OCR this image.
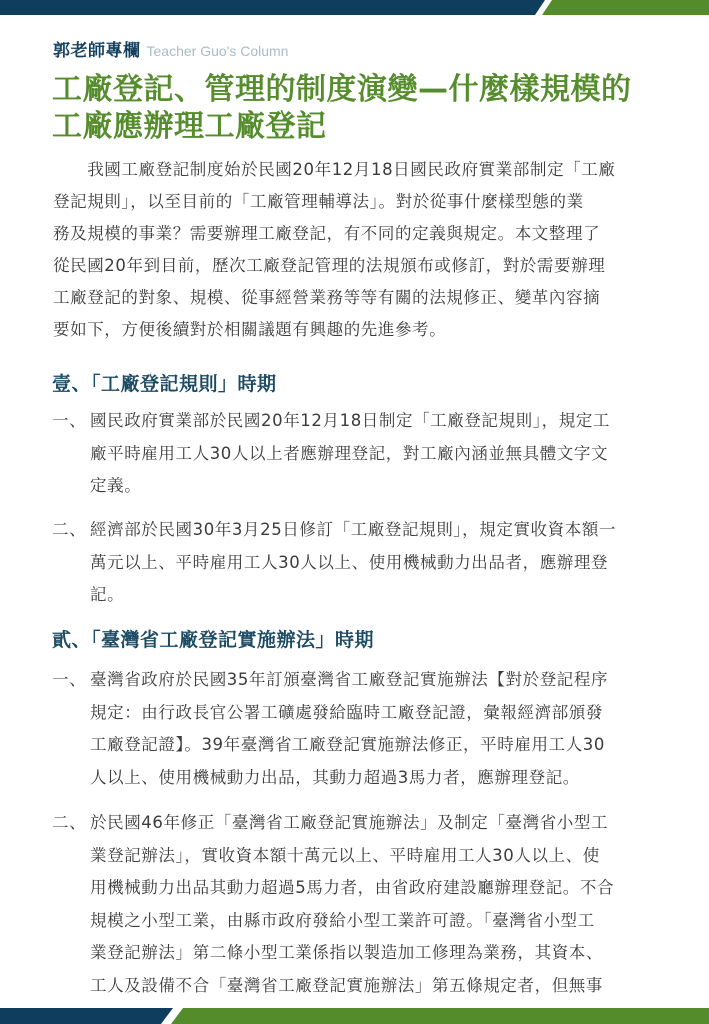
郭老師專欄 Teacher Guo's Column
工廠登記、管理的制度演變—什麼樣規模的
工廠應辦理工廠登記
　　我國工廠登記制度始於民國20年12月18日國民政府實業部制定「工廠
登記規則」，以至目前的「工廠管理輔導法」。對於從事什麼樣型態的業
務及規模的事業？需要辦理工廠登記，有不同的定義與規定。本文整理了
從民國20年到目前，歷次工廠登記管理的法規頒布或修訂，對於需要辦理
工廠登記的對象、規模、從事經營業務等等有關的法規修正、變革內容摘
要如下，方便後續對於相關議題有興趣的先進參考。
壹、「工廠登記規則」時期
一、 國民政府實業部於民國20年12月18日制定「工廠登記規則」，規定工
廠平時雇用工人30人以上者應辦理登記，對工廠內涵並無具體文字文
定義。
二、 經濟部於民國30年3月25日修訂「工廠登記規則」，規定實收資本額一
萬元以上、平時雇用工人30人以上、使用機械動力出品者，應辦理登
記。
貳、「臺灣省工廠登記實施辦法」時期
一、 臺灣省政府於民國35年訂頒臺灣省工廠登記實施辦法【對於登記程序
規定：由行政長官公署工礦處發給臨時工廠登記證，彙報經濟部頒發
工廠登記證】。39年臺灣省工廠登記實施辦法修正，平時雇用工人30
人以上、使用機械動力出品，其動力超過3馬力者，應辦理登記。
二、 於民國46年修正「臺灣省工廠登記實施辦法」及制定「臺灣省小型工
業登記辦法」，實收資本額十萬元以上、平時雇用工人30人以上、使
用機械動力出品其動力超過5馬力者，由省政府建設廳辦理登記。不合
規模之小型工業，由縣市政府發給小型工業許可證。「臺灣省小型工
業登記辦法」第二條小型工業係指以製造加工修理為業務，其資本、
工人及設備不合「臺灣省工廠登記實施辦法」第五條規定者，但無事
